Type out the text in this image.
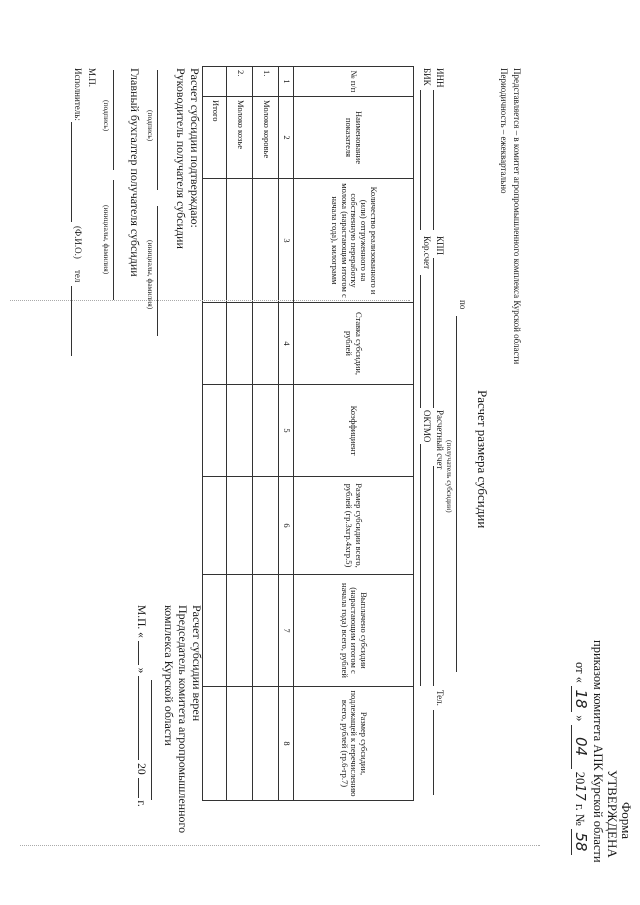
Форма
УТВЕРЖДЕНА
приказом комитета АПК Курской области
от « 18 » 04 2017 г. № 58
Представляется – в комитет агропромышленного комплекса Курской области
Периодичность – ежеквартально
Расчет размера субсидии
по
(получатель субсидии)
ИНН
КПП
Расчетный счет
Тел.
БИК
Кор.счет
ОКТМО
№ п/п	Наименование показателя	Количество реализованного и (или) отгруженного на собственную переработку молока (нарастающим итогом с начала года), килограмм	Ставка субсидии, рублей	Коэффициент	Размер субсидии всего, рублей (гр.3хгр.4хгр.5)	Выплачено субсидии (нарастающим итогом с начала года) всего, рублей	Размер субсидии, подлежащей к перечислению всего, рублей (гр.6-гр.7)
1	2	3	4	5	6	7	8
1.	Молоко коровье						
2.	Молоко козье						
	Итого						
Расчет субсидии подтверждаю:
Руководитель получателя субсидии
(подпись)
(инициалы, фамилия)
Главный бухгалтер получателя субсидии
(подпись)
(инициалы, фамилия)
М.П.
Исполнитель:
(Ф.И.О.)
тел
Расчет субсидии верен
Председатель комитета агропромышленного
комплекса Курской области
М.П. «  »  20  г.
